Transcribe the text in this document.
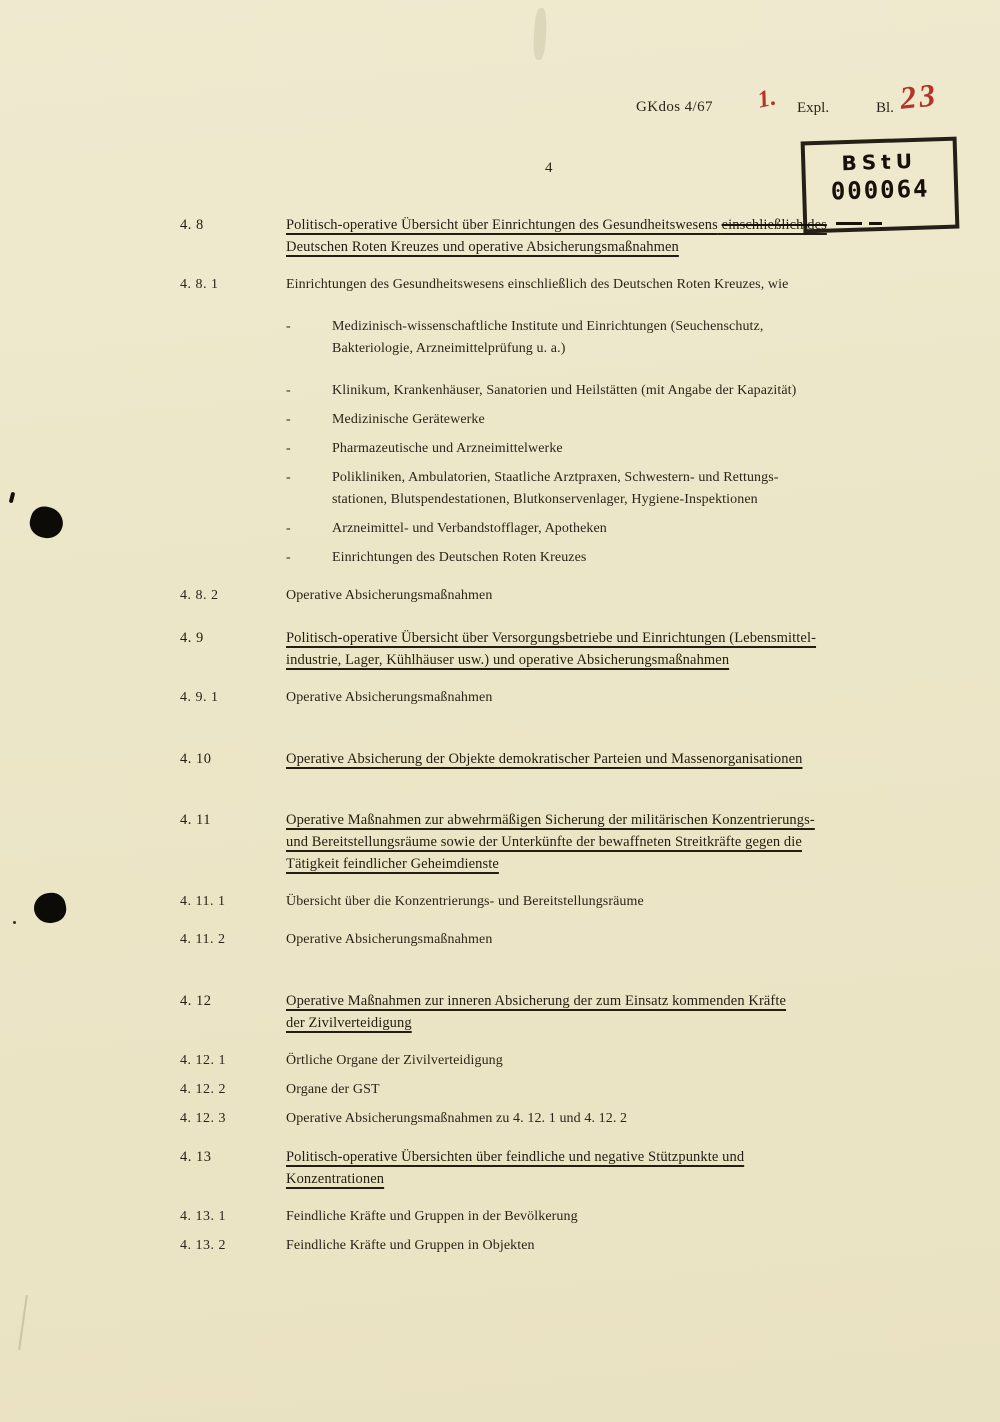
GKdos 4/67 1. Expl.	Bl. 23
4	BStU
000064
4. 8	Politisch-operative Übersicht über Einrichtungen des Gesundheitswesens einschließlich des
Deutschen Roten Kreuzes und operative Absicherungsmaßnahmen
4. 8. 1	Einrichtungen des Gesundheitswesens einschließlich des Deutschen Roten Kreuzes, wie
-	Medizinisch-wissenschaftliche Institute und Einrichtungen (Seuchenschutz,
Bakteriologie, Arzneimittelprüfung u. a.)
-	Klinikum, Krankenhäuser, Sanatorien und Heilstätten (mit Angabe der Kapazität)
-	Medizinische Gerätewerke
-	Pharmazeutische und Arzneimittelwerke
-	Polikliniken, Ambulatorien, Staatliche Arztpraxen, Schwestern- und Rettungs-
stationen, Blutspendestationen, Blutkonservenlager, Hygiene-Inspektionen
-	Arzneimittel- und Verbandstofflager, Apotheken
-	Einrichtungen des Deutschen Roten Kreuzes
4. 8. 2	Operative Absicherungsmaßnahmen
4. 9	Politisch-operative Übersicht über Versorgungsbetriebe und Einrichtungen (Lebensmittel-
industrie, Lager, Kühlhäuser usw.) und operative Absicherungsmaßnahmen
4. 9. 1	Operative Absicherungsmaßnahmen
4. 10	Operative Absicherung der Objekte demokratischer Parteien und Massenorganisationen
4. 11	Operative Maßnahmen zur abwehrmäßigen Sicherung der militärischen Konzentrierungs-
und Bereitstellungsräume sowie der Unterkünfte der bewaffneten Streitkräfte gegen die
Tätigkeit feindlicher Geheimdienste
4. 11. 1	Übersicht über die Konzentrierungs- und Bereitstellungsräume
4. 11. 2	Operative Absicherungsmaßnahmen
4. 12	Operative Maßnahmen zur inneren Absicherung der zum Einsatz kommenden Kräfte
der Zivilverteidigung
4. 12. 1	Örtliche Organe der Zivilverteidigung
4. 12. 2	Organe der GST
4. 12. 3	Operative Absicherungsmaßnahmen zu 4. 12. 1 und 4. 12. 2
4. 13	Politisch-operative Übersichten über feindliche und negative Stützpunkte und
Konzentrationen
4. 13. 1	Feindliche Kräfte und Gruppen in der Bevölkerung
4. 13. 2	Feindliche Kräfte und Gruppen in Objekten
